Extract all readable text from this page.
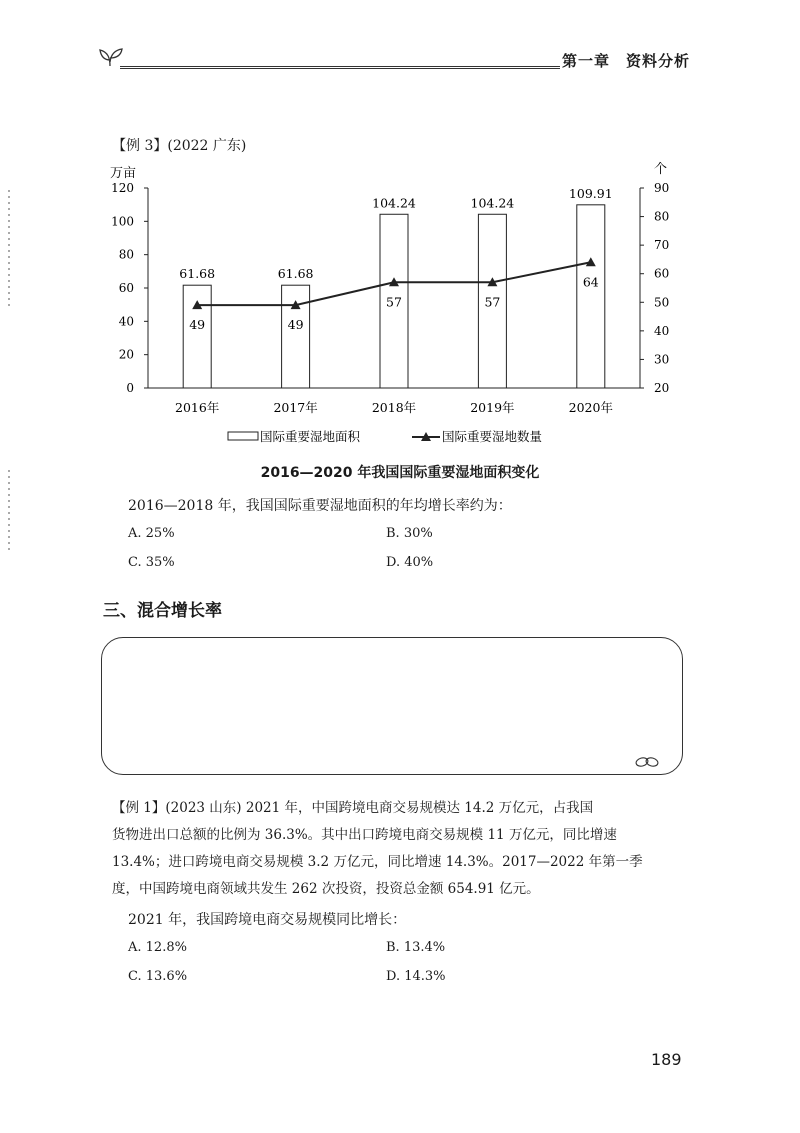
第一章　资料分析
【例 3】(2022 广东)
万亩	个
0
20
40
60
80
100
120
20
30
40
50
60
70
80
90
61.68	61.68
104.24	104.24
109.91
2016年	2017年	2018年	2019年	2020年
49	49
57	57
64
国际重要湿地面积	国际重要湿地数量
2016—2020 年我国国际重要湿地面积变化
2016—2018 年，我国国际重要湿地面积的年均增长率约为：
A. 25%	B. 30%
C. 35%	D. 40%
三、混合增长率
【例 1】(2023 山东) 2021 年，中国跨境电商交易规模达 14.2 万亿元，占我国
货物进出口总额的比例为 36.3%。其中出口跨境电商交易规模 11 万亿元，同比增速
13.4%；进口跨境电商交易规模 3.2 万亿元，同比增速 14.3%。2017—2022 年第一季
度，中国跨境电商领域共发生 262 次投资，投资总金额 654.91 亿元。
2021 年，我国跨境电商交易规模同比增长：
A. 12.8%	B. 13.4%
C. 13.6%	D. 14.3%
189
